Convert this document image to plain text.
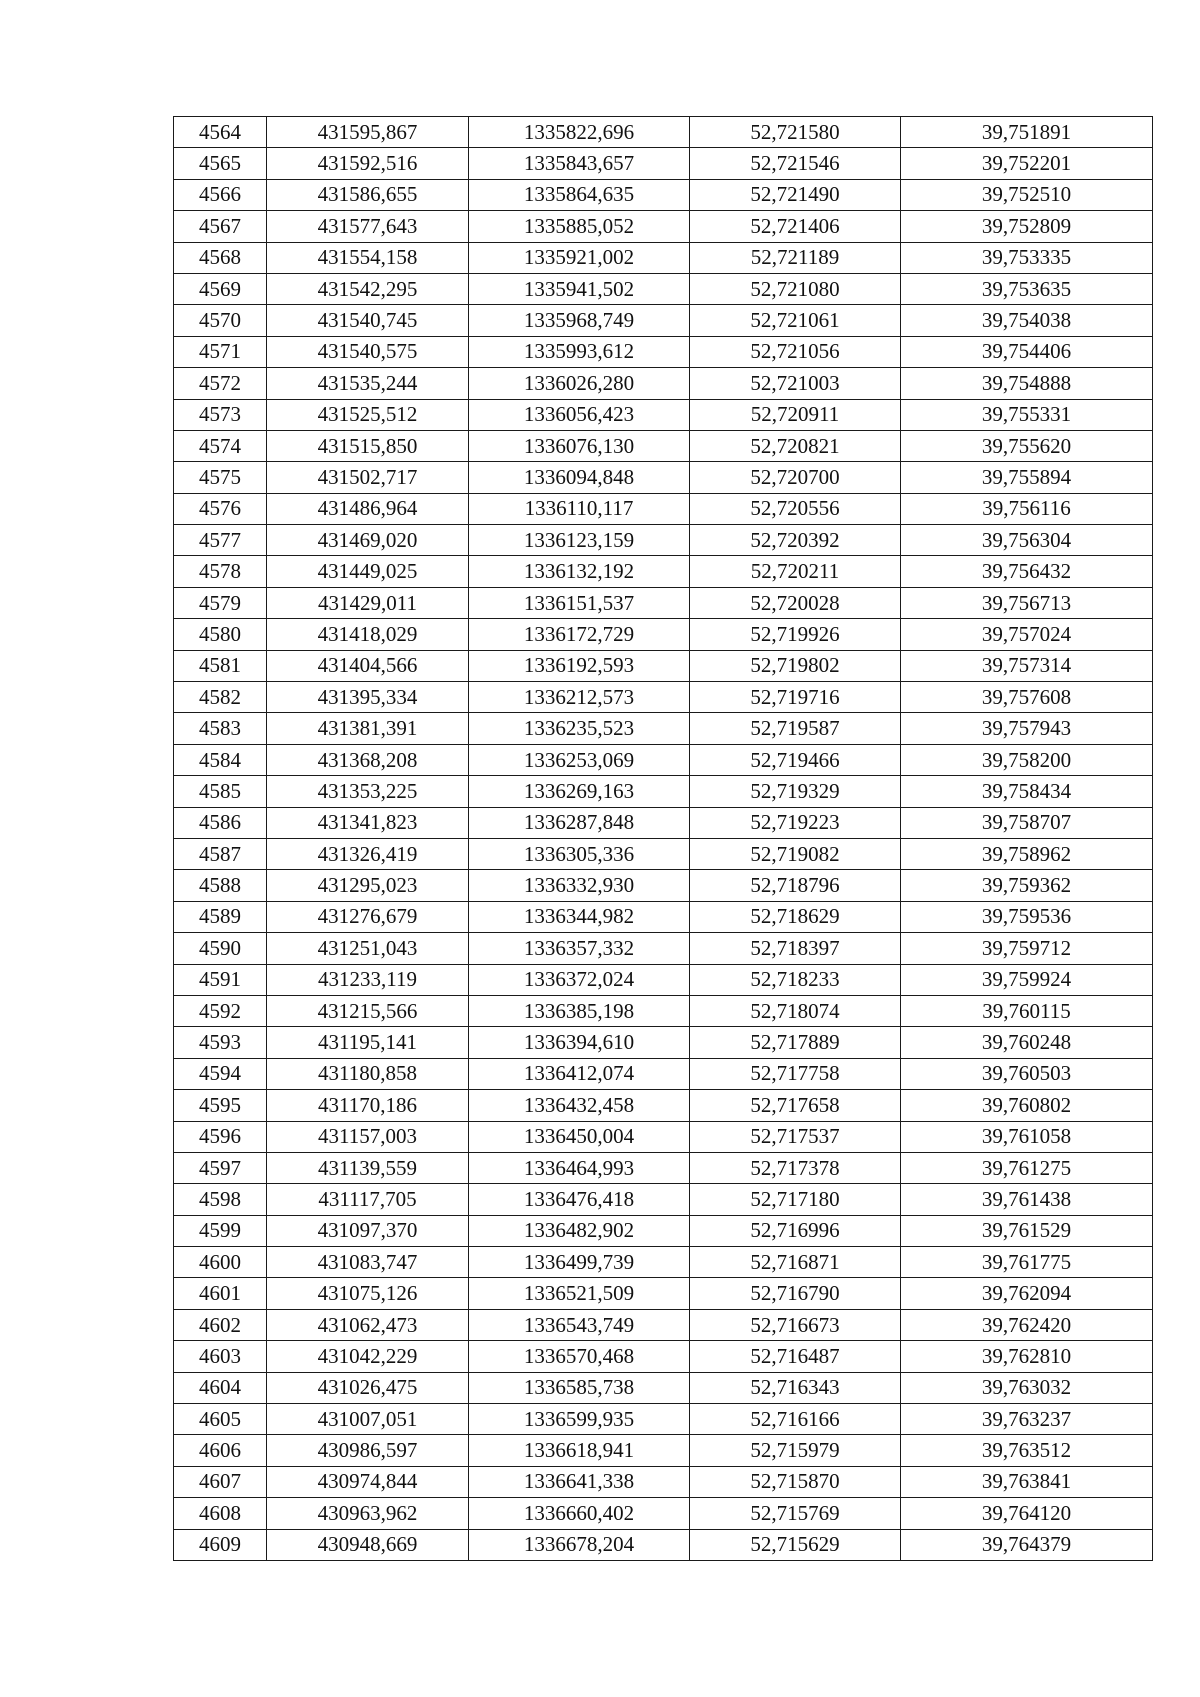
4564	431595,867	1335822,696	52,721580	39,751891
4565	431592,516	1335843,657	52,721546	39,752201
4566	431586,655	1335864,635	52,721490	39,752510
4567	431577,643	1335885,052	52,721406	39,752809
4568	431554,158	1335921,002	52,721189	39,753335
4569	431542,295	1335941,502	52,721080	39,753635
4570	431540,745	1335968,749	52,721061	39,754038
4571	431540,575	1335993,612	52,721056	39,754406
4572	431535,244	1336026,280	52,721003	39,754888
4573	431525,512	1336056,423	52,720911	39,755331
4574	431515,850	1336076,130	52,720821	39,755620
4575	431502,717	1336094,848	52,720700	39,755894
4576	431486,964	1336110,117	52,720556	39,756116
4577	431469,020	1336123,159	52,720392	39,756304
4578	431449,025	1336132,192	52,720211	39,756432
4579	431429,011	1336151,537	52,720028	39,756713
4580	431418,029	1336172,729	52,719926	39,757024
4581	431404,566	1336192,593	52,719802	39,757314
4582	431395,334	1336212,573	52,719716	39,757608
4583	431381,391	1336235,523	52,719587	39,757943
4584	431368,208	1336253,069	52,719466	39,758200
4585	431353,225	1336269,163	52,719329	39,758434
4586	431341,823	1336287,848	52,719223	39,758707
4587	431326,419	1336305,336	52,719082	39,758962
4588	431295,023	1336332,930	52,718796	39,759362
4589	431276,679	1336344,982	52,718629	39,759536
4590	431251,043	1336357,332	52,718397	39,759712
4591	431233,119	1336372,024	52,718233	39,759924
4592	431215,566	1336385,198	52,718074	39,760115
4593	431195,141	1336394,610	52,717889	39,760248
4594	431180,858	1336412,074	52,717758	39,760503
4595	431170,186	1336432,458	52,717658	39,760802
4596	431157,003	1336450,004	52,717537	39,761058
4597	431139,559	1336464,993	52,717378	39,761275
4598	431117,705	1336476,418	52,717180	39,761438
4599	431097,370	1336482,902	52,716996	39,761529
4600	431083,747	1336499,739	52,716871	39,761775
4601	431075,126	1336521,509	52,716790	39,762094
4602	431062,473	1336543,749	52,716673	39,762420
4603	431042,229	1336570,468	52,716487	39,762810
4604	431026,475	1336585,738	52,716343	39,763032
4605	431007,051	1336599,935	52,716166	39,763237
4606	430986,597	1336618,941	52,715979	39,763512
4607	430974,844	1336641,338	52,715870	39,763841
4608	430963,962	1336660,402	52,715769	39,764120
4609	430948,669	1336678,204	52,715629	39,764379
